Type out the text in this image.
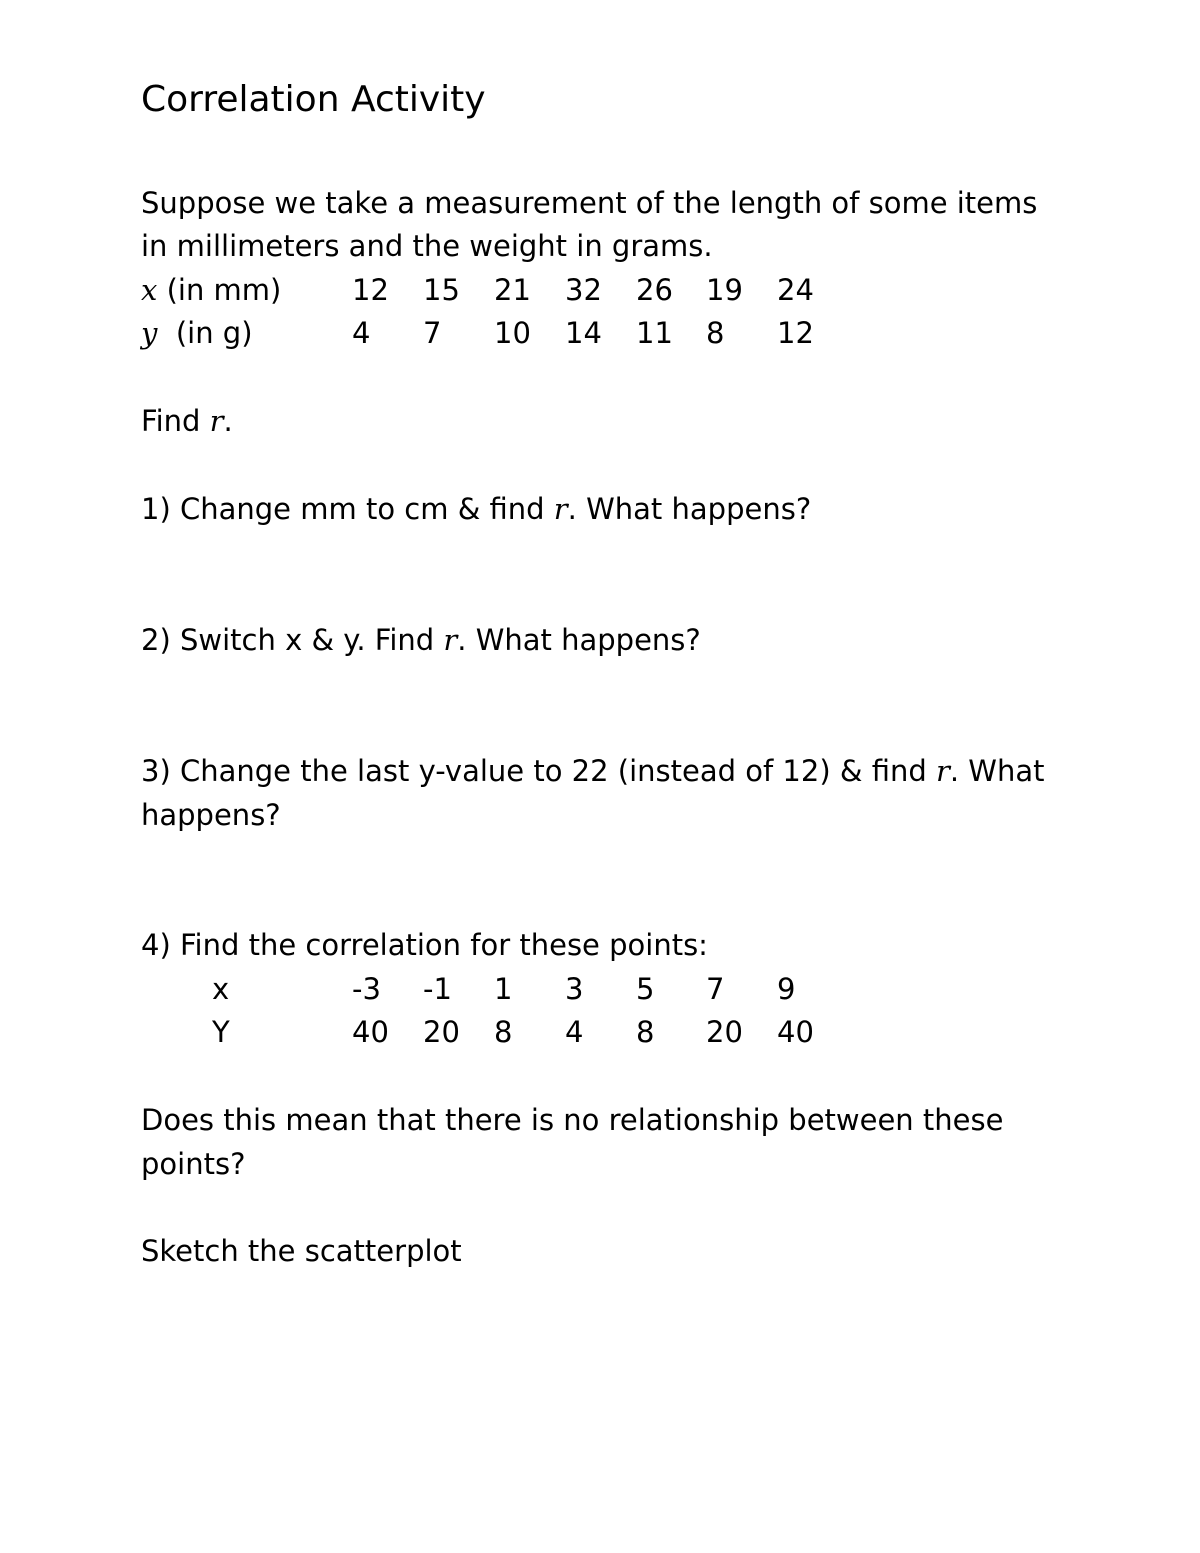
Correlation Activity
Suppose we take a measurement of the length of some items
in millimeters and the weight in grams.
x (in mm)
y (in g)
12 15 21 32 26 19 24
4 7 10 14 11 8 12
Find r.
1) Change mm to cm & find r. What happens?
2) Switch x & y. Find r. What happens?
3) Change the last y-value to 22 (instead of 12) & find r. What
happens?
4) Find the correlation for these points:
x
Y
-3 -1 1 3 5 7 9
40 20 8 4 8 20 40
Does this mean that there is no relationship between these
points?
Sketch the scatterplot
